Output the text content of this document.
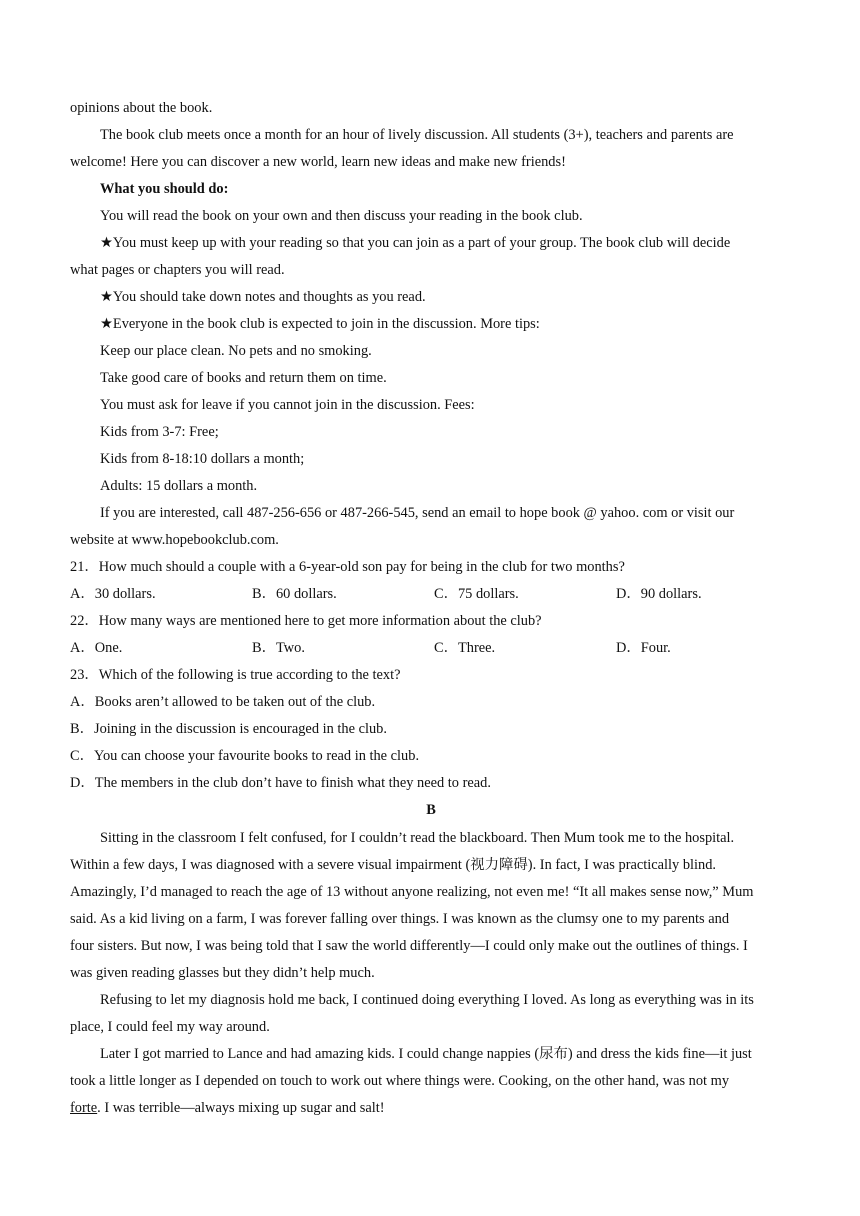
opinions about the book.
The book club meets once a month for an hour of lively discussion. All students (3+), teachers and parents are
welcome! Here you can discover a new world, learn new ideas and make new friends!
What you should do:
You will read the book on your own and then discuss your reading in the book club.
★You must keep up with your reading so that you can join as a part of your group. The book club will decide
what pages or chapters you will read.
★You should take down notes and thoughts as you read.
★Everyone in the book club is expected to join in the discussion. More tips:
Keep our place clean. No pets and no smoking.
Take good care of books and return them on time.
You must ask for leave if you cannot join in the discussion. Fees:
Kids from 3-7: Free;
Kids from 8-18:10 dollars a month;
Adults: 15 dollars a month.
If you are interested, call 487-256-656 or 487-266-545, send an email to hope book @ yahoo. com or visit our
website at www.hopebookclub.com.
21．How much should a couple with a 6-year-old son pay for being in the club for two months?
A．30 dollars.	B．60 dollars.	C．75 dollars.	D．90 dollars.
22．How many ways are mentioned here to get more information about the club?
A．One.	B．Two.	C．Three.	D．Four.
23．Which of the following is true according to the text?
A．Books aren’t allowed to be taken out of the club.
B．Joining in the discussion is encouraged in the club.
C．You can choose your favourite books to read in the club.
D．The members in the club don’t have to finish what they need to read.
B
Sitting in the classroom I felt confused, for I couldn’t read the blackboard. Then Mum took me to the hospital.
Within a few days, I was diagnosed with a severe visual impairment (视力障碍). In fact, I was practically blind.
Amazingly, I’d managed to reach the age of 13 without anyone realizing, not even me! “It all makes sense now,” Mum
said. As a kid living on a farm, I was forever falling over things. I was known as the clumsy one to my parents and
four sisters. But now, I was being told that I saw the world differently—I could only make out the outlines of things. I
was given reading glasses but they didn’t help much.
Refusing to let my diagnosis hold me back, I continued doing everything I loved. As long as everything was in its
place, I could feel my way around.
Later I got married to Lance and had amazing kids. I could change nappies (尿布) and dress the kids fine—it just
took a little longer as I depended on touch to work out where things were. Cooking, on the other hand, was not my
forte. I was terrible—always mixing up sugar and salt!
